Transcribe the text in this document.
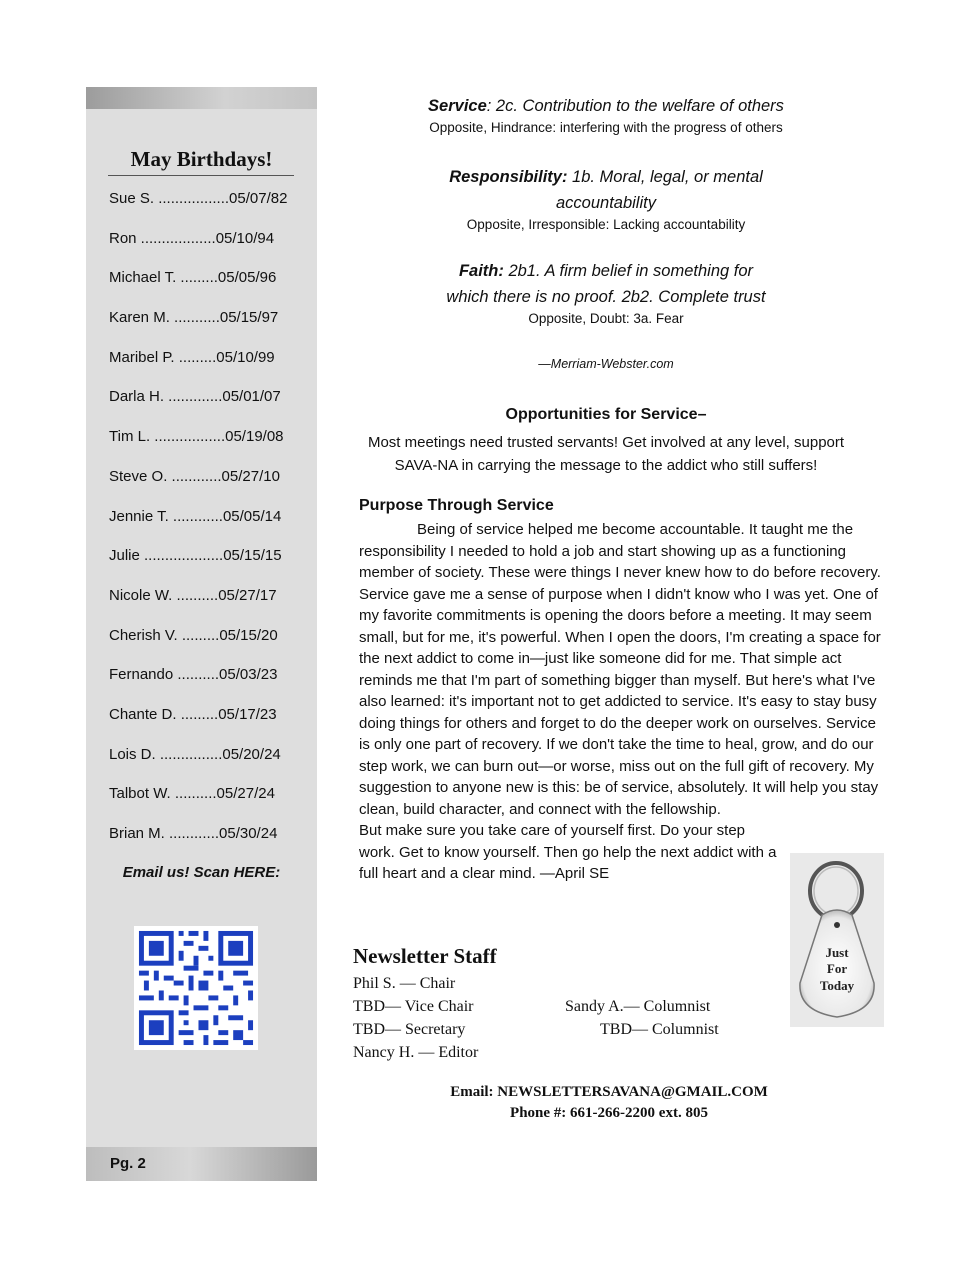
May Birthdays!
Sue S. .................05/07/82
Ron ..................05/10/94
Michael T. .........05/05/96
Karen M. ...........05/15/97
Maribel P. .........05/10/99
Darla H. .............05/01/07
Tim L. .................05/19/08
Steve O. ............05/27/10
Jennie T. ............05/05/14
Julie ...................05/15/15
Nicole W. ..........05/27/17
Cherish V. .........05/15/20
Fernando ..........05/03/23
Chante D. .........05/17/23
Lois D. ...............05/20/24
Talbot W. ..........05/27/24
Brian M. ............05/30/24
Email us! Scan HERE:
Pg. 2
Service: 2c. Contribution to the welfare of others
Opposite, Hindrance: interfering with the progress of others
Responsibility: 1b. Moral, legal, or mental
accountability
Opposite, Irresponsible: Lacking accountability
Faith: 2b1. A firm belief in something for
which there is no proof. 2b2. Complete trust
Opposite, Doubt: 3a. Fear
—Merriam-Webster.com
Opportunities for Service–
Most meetings need trusted servants! Get involved at any level, support
SAVA-NA in carrying the message to the addict who still suffers!
Purpose Through Service
Being of service helped me become accountable. It taught me the responsibility I needed to hold a job and start showing up as a functioning member of society. These were things I never knew how to do before recovery. Service gave me a sense of purpose when I didn't know who I was yet. One of my favorite commitments is opening the doors before a meeting. It may seem small, but for me, it's powerful. When I open the doors, I'm creating a space for the next addict to come in—just like someone did for me. That simple act reminds me that I'm part of something bigger than myself. But here's what I've also learned: it's important not to get addicted to service. It's easy to stay busy doing things for others and forget to do the deeper work on ourselves. Service is only one part of recovery. If we don't take the time to heal, grow, and do our step work, we can burn out—or worse, miss out on the full gift of recovery. My suggestion to anyone new is this: be of service, absolutely. It will help you stay clean, build character, and connect with the fellowship.
But make sure you take care of yourself first. Do your step work. Get to know yourself. Then go help the next addict with a full heart and a clear mind. —April SE
Just
For
Today
Newsletter Staff
Phil S. — Chair
TBD— Vice Chair
TBD— Secretary
Nancy H. — Editor
Sandy A.— Columnist
TBD— Columnist
Email: NEWSLETTERSAVANA@GMAIL.COM
Phone #: 661-266-2200 ext. 805
